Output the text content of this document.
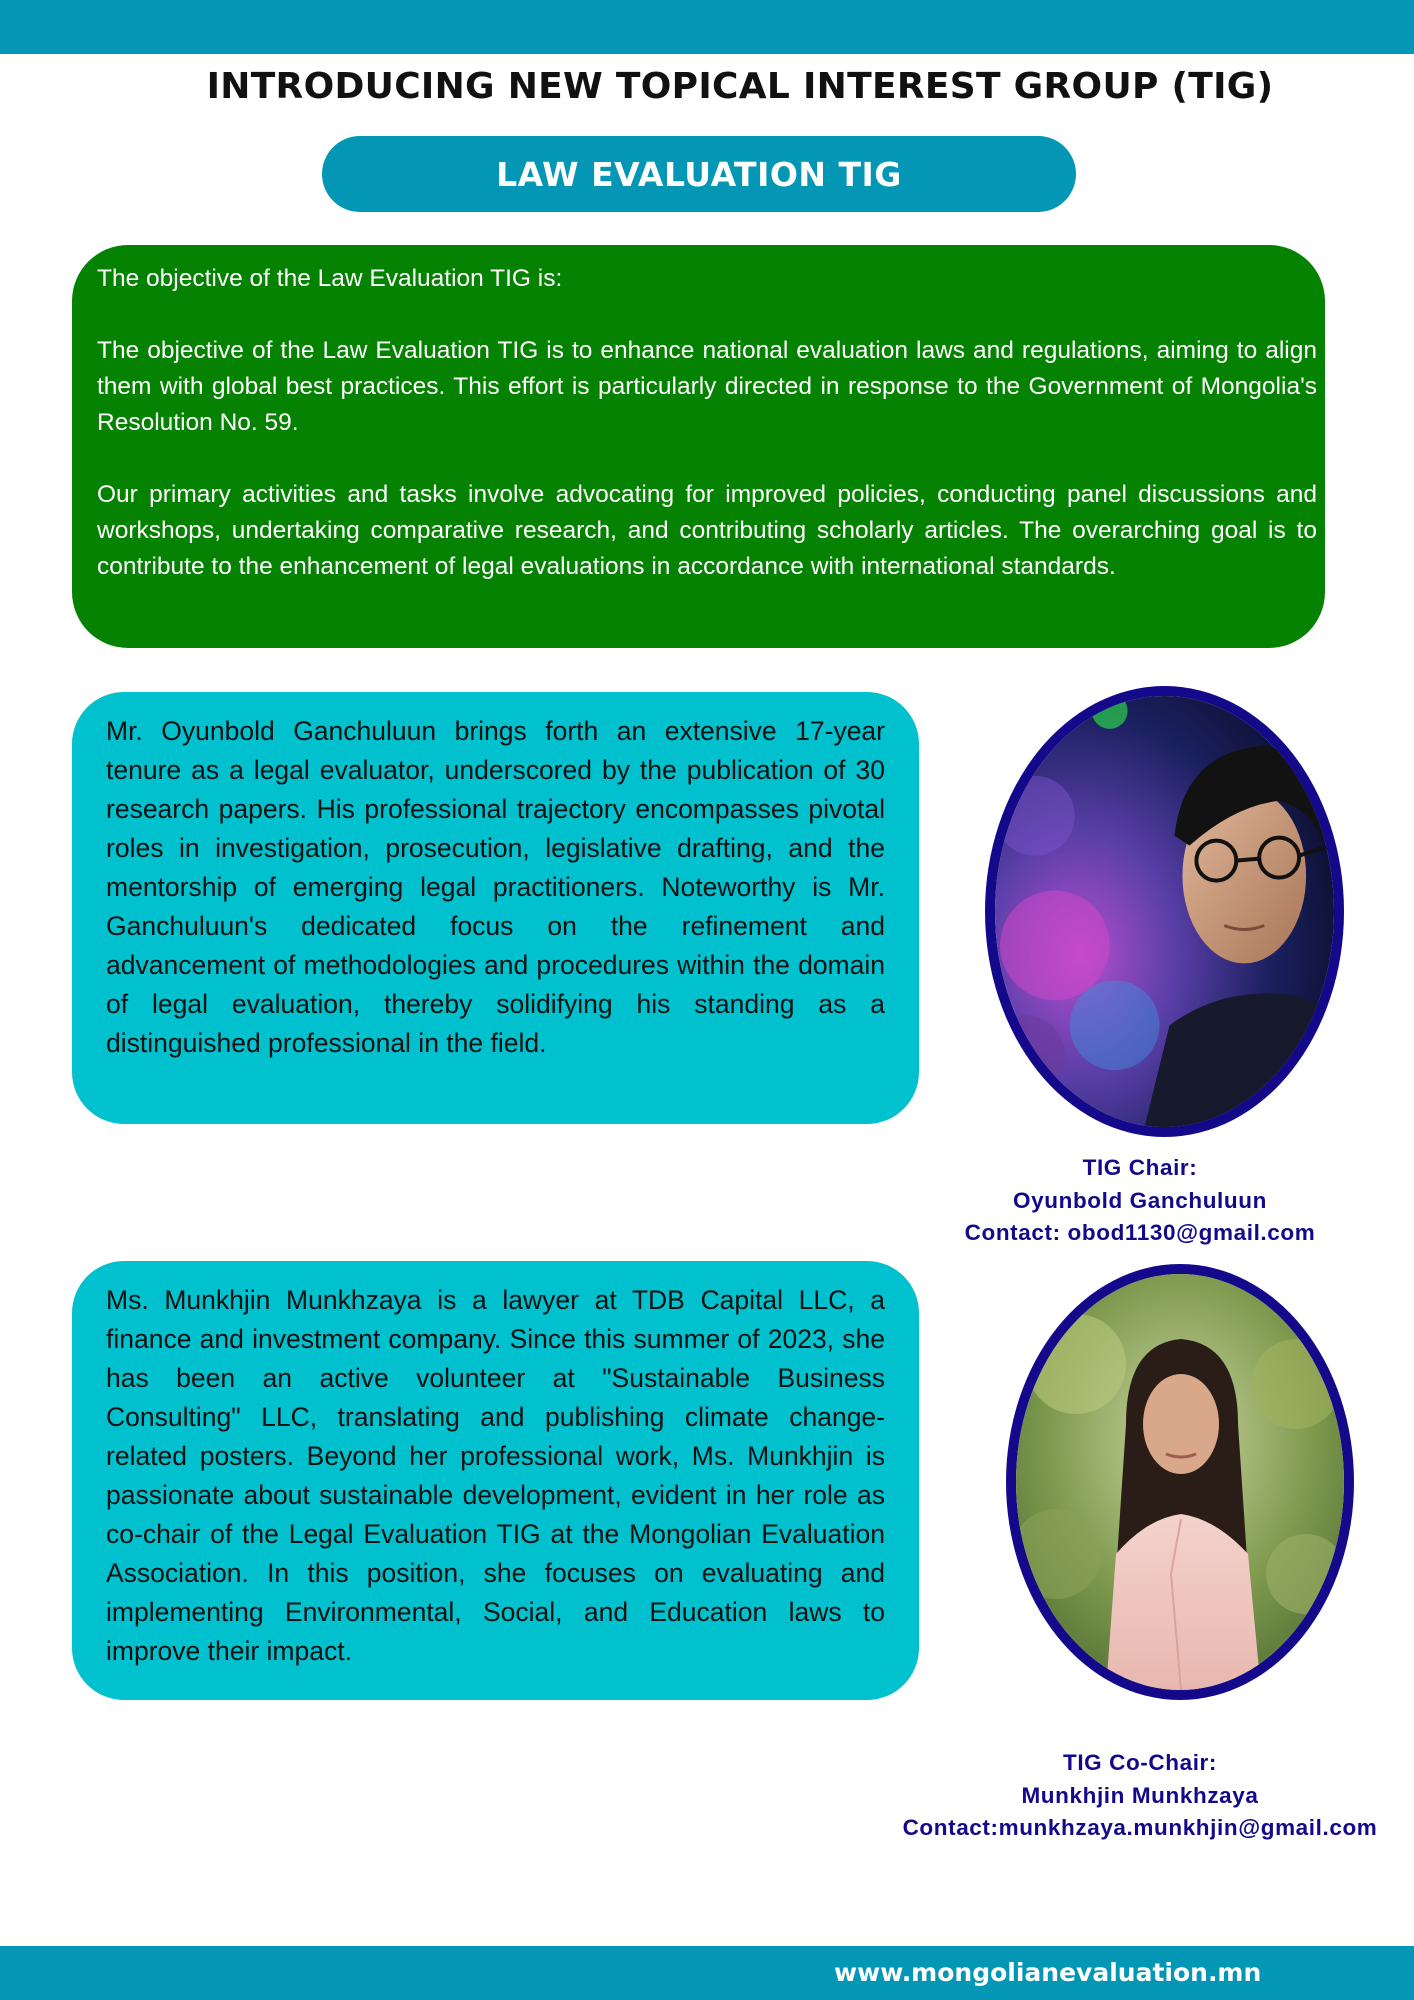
INTRODUCING NEW TOPICAL INTEREST GROUP (TIG)
LAW EVALUATION TIG

The objective of the Law Evaluation TIG is:

The objective of the Law Evaluation TIG is to enhance national evaluation laws and regulations, aiming to align them with global best practices. This effort is particularly directed in response to the Government of Mongolia's Resolution No. 59.

Our primary activities and tasks involve advocating for improved policies, conducting panel discussions and workshops, undertaking comparative research, and contributing scholarly articles. The overarching goal is to contribute to the enhancement of legal evaluations in accordance with international standards.

Mr. Oyunbold Ganchuluun brings forth an extensive 17-year tenure as a legal evaluator, underscored by the publication of 30 research papers. His professional trajectory encompasses pivotal roles in investigation, prosecution, legislative drafting, and the mentorship of emerging legal practitioners. Noteworthy is Mr. Ganchuluun's dedicated focus on the refinement and advancement of methodologies and procedures within the domain of legal evaluation, thereby solidifying his standing as a distinguished professional in the field.

TIG Chair:
Oyunbold Ganchuluun
Contact: obod1130@gmail.com

Ms. Munkhjin Munkhzaya is a lawyer at TDB Capital LLC, a finance and investment company. Since this summer of 2023, she has been an active volunteer at "Sustainable Business Consulting" LLC, translating and publishing climate change-related posters. Beyond her professional work, Ms. Munkhjin is passionate about sustainable development, evident in her role as co-chair of the Legal Evaluation TIG at the Mongolian Evaluation Association. In this position, she focuses on evaluating and implementing Environmental, Social, and Education laws to improve their impact.

TIG Co-Chair:
Munkhjin Munkhzaya
Contact:munkhzaya.munkhjin@gmail.com
www.mongolianevaluation.mn
